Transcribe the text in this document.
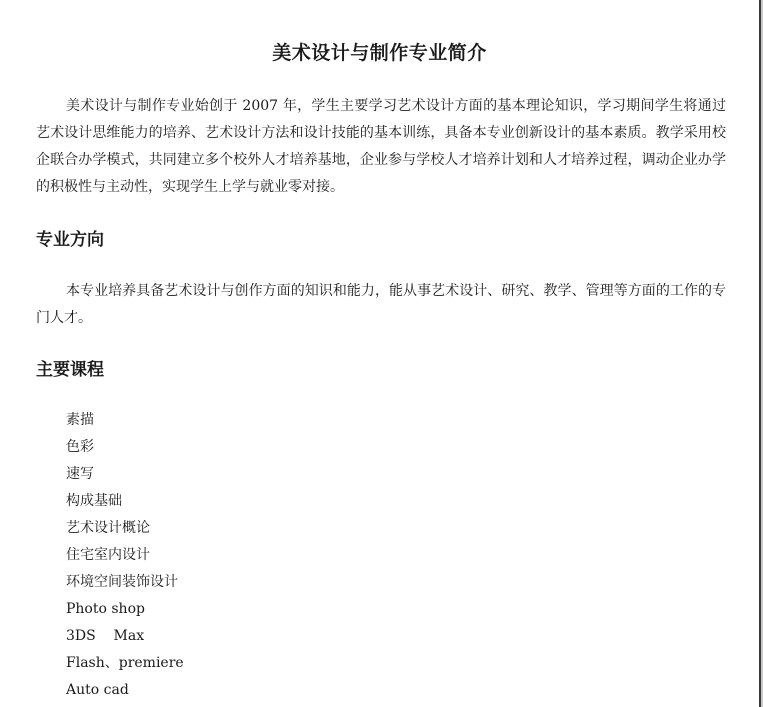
美术设计与制作专业简介

美术设计与制作专业始创于 2007 年，学生主要学习艺术设计方面的基本理论知识，学习期间学生将通过艺术设计思维能力的培养、艺术设计方法和设计技能的基本训练，具备本专业创新设计的基本素质。教学采用校企联合办学模式，共同建立多个校外人才培养基地，企业参与学校人才培养计划和人才培养过程，调动企业办学的积极性与主动性，实现学生上学与就业零对接。

专业方向

本专业培养具备艺术设计与创作方面的知识和能力，能从事艺术设计、研究、教学、管理等方面的工作的专门人才。

主要课程
素描
色彩
速写
构成基础
艺术设计概论
住宅室内设计
环境空间装饰设计
Photo shop
3DS    Max
Flash、premiere
Auto cad
